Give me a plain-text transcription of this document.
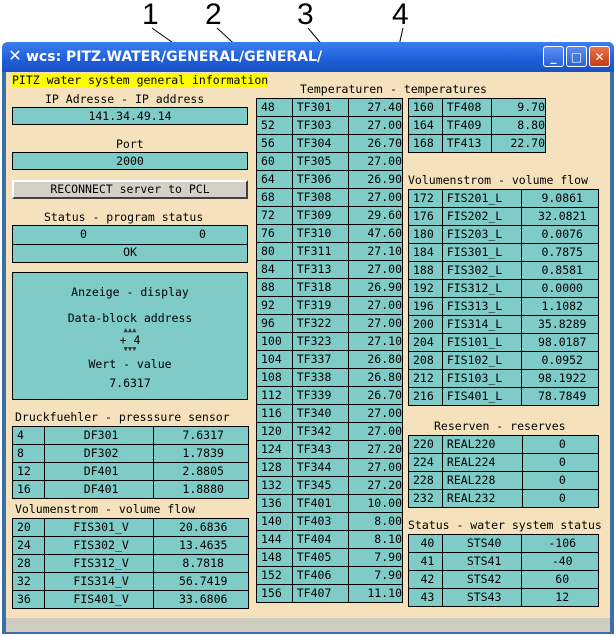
1 2	3	4
✕ wcs: PITZ.WATER/GENERAL/GENERAL/	_	□	✕
PITZ water system general information
IP Adresse - IP address
141.34.49.14
Port
2000
RECONNECT server to PCL
Status - program status
0	0
OK
Anzeige - display
Data-block address
▲▲▲
+ 4
▼▼▼
Wert - value
7.6317
Druckfuehler - presssure sensor
4	DF301	7.6317
8	DF302	1.7839
12	DF401	2.8805
16	DF401	1.8880
Volumenstrom - volume flow
20	FIS301_V	20.6836
24	FIS302_V	13.4635
28	FIS312_V	8.7818
32	FIS314_V	56.7419
36	FIS401_V	33.6806
Temperaturen - temperatures
48	TF301	27.40
52	TF303	27.00
56	TF304	26.70
60	TF305	27.00
64	TF306	26.90
68	TF308	27.00
72	TF309	29.60
76	TF310	47.60
80	TF311	27.10
84	TF313	27.00
88	TF318	26.90
92	TF319	27.00
96	TF322	27.00
100	TF323	27.10
104	TF337	26.80
108	TF338	26.80
112	TF339	26.70
116	TF340	27.00
120	TF342	27.00
124	TF343	27.20
128	TF344	27.00
132	TF345	27.20
136	TF401	10.00
140	TF403	8.00
144	TF404	8.10
148	TF405	7.90
152	TF406	7.90
156	TF407	11.10
160	TF408	9.70
164	TF409	8.80
168	TF413	22.70
Volumenstrom - volume flow
172	FIS201_L	9.0861
176	FIS202_L	32.0821
180	FIS203_L	0.0076
184	FIS301_L	0.7875
188	FIS302_L	0.8581
192	FIS312_L	0.0000
196	FIS313_L	1.1082
200	FIS314_L	35.8289
204	FIS101_L	98.0187
208	FIS102_L	0.0952
212	FIS103_L	98.1922
216	FIS401_L	78.7849
Reserven - reserves
220	REAL220	0
224	REAL224	0
228	REAL228	0
232	REAL232	0
Status - water system status
40	STS40	-106
41	STS41	-40
42	STS42	60
43	STS43	12
